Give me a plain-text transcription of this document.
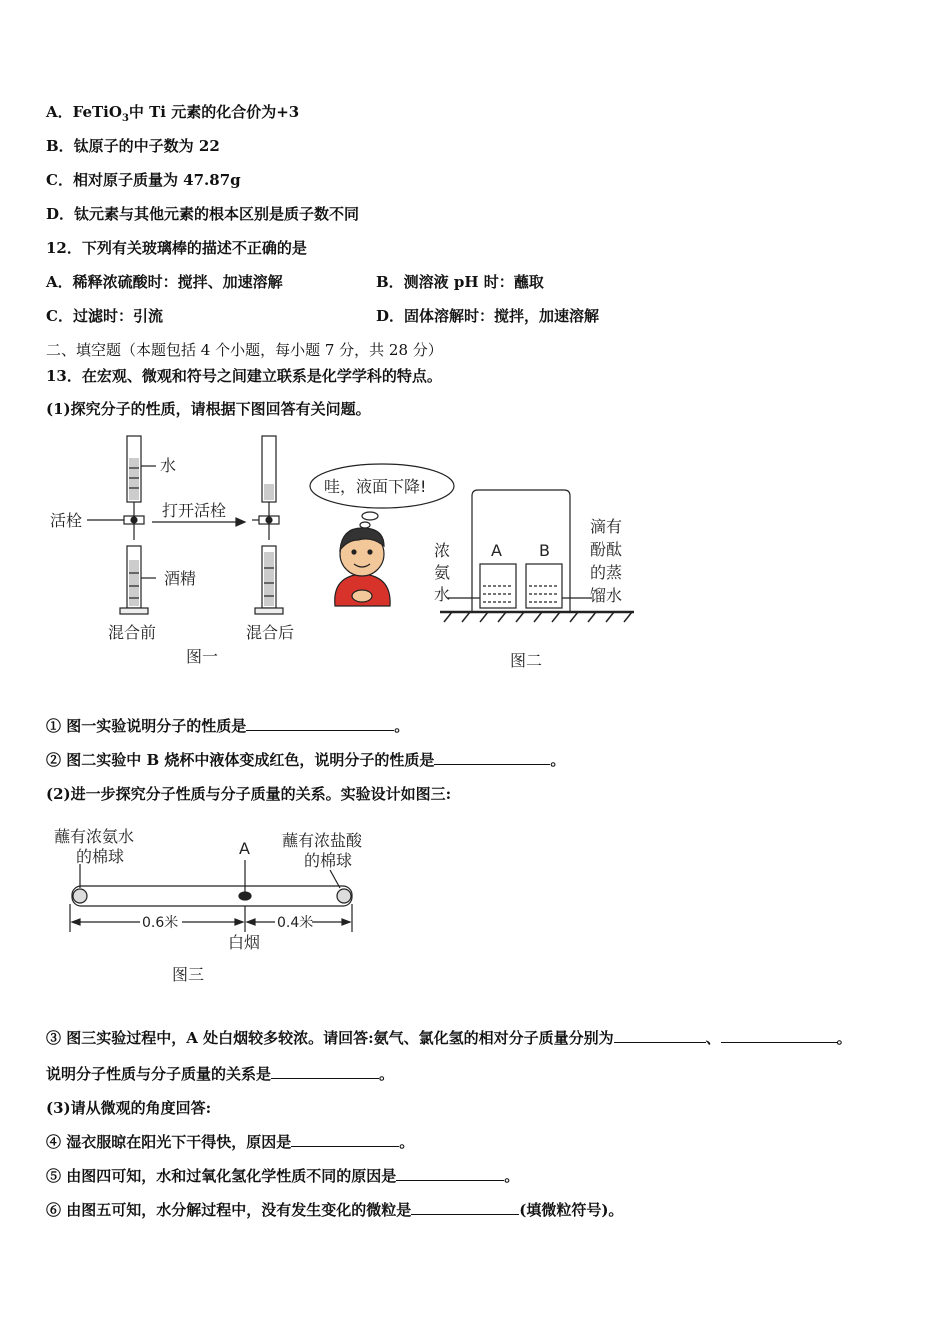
A．FeTiO$_3$中 Ti 元素的化合价为+3
B．钛原子的中子数为 22
C．相对原子质量为 47.87g
D．钛元素与其他元素的根本区别是质子数不同
12．下列有关玻璃棒的描述不正确的是
A．稀释浓硫酸时：搅拌、加速溶解	B．测溶液 pH 时：蘸取
C．过滤时：引流	D．固体溶解时：搅拌，加速溶解
二、填空题（本题包括 4 个小题，每小题 7 分，共 28 分）
13．在宏观、微观和符号之间建立联系是化学学科的特点。
(1)探究分子的性质，请根据下图回答有关问题。
水
活栓
打开活栓
酒精
混合前	混合后
图一
哇，液面下降!
浓
氨
水
A B
滴有
酚酞
的蒸
馏水
图二
① 图一实验说明分子的性质是	。
② 图二实验中 B 烧杯中液体变成红色，说明分子的性质是	。
(2)进一步探究分子性质与分子质量的关系。实验设计如图三:
蘸有浓氨水
的棉球
蘸有浓盐酸
的棉球
A
0.6米	0.4米
白烟
图三
③ 图三实验过程中，A 处白烟较多较浓。请回答:氨气、氯化氢的相对分子质量分别为	、	。
说明分子性质与分子质量的关系是	。
(3)请从微观的角度回答:
④ 湿衣服晾在阳光下干得快，原因是	。
⑤ 由图四可知，水和过氧化氢化学性质不同的原因是	。
⑥ 由图五可知，水分解过程中，没有发生变化的微粒是	(填微粒符号)。
